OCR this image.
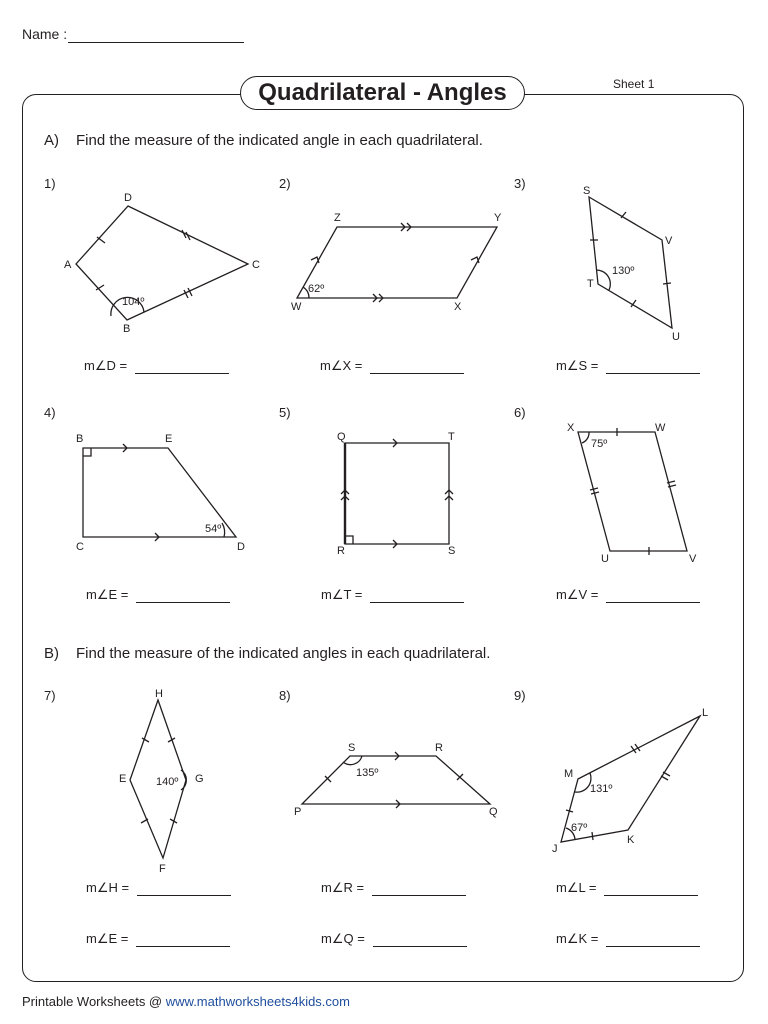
Name :
Quadrilateral - Angles	Sheet 1
A) Find the measure of the indicated angle in each quadrilateral.
B) Find the measure of the indicated angles in each quadrilateral.
1)	2)	3)
4)	5)	6)
7)	8)	9)
m∠D =	m∠X =	m∠S =
m∠E =	m∠T =	m∠V =
m∠H =	m∠R =	m∠L =
m∠E =	m∠Q =	m∠K =
D
A	C
B
104º
Z	Y
W	X
62º
S
V
T
U
130º
B	E
C	D
54º
Q	T
R	S
X	W
U	V
75º
H
E	G
F
140º
S	R
P	Q
135º
L
M
J
K
131º
67º
Printable Worksheets @ www.mathworksheets4kids.com
